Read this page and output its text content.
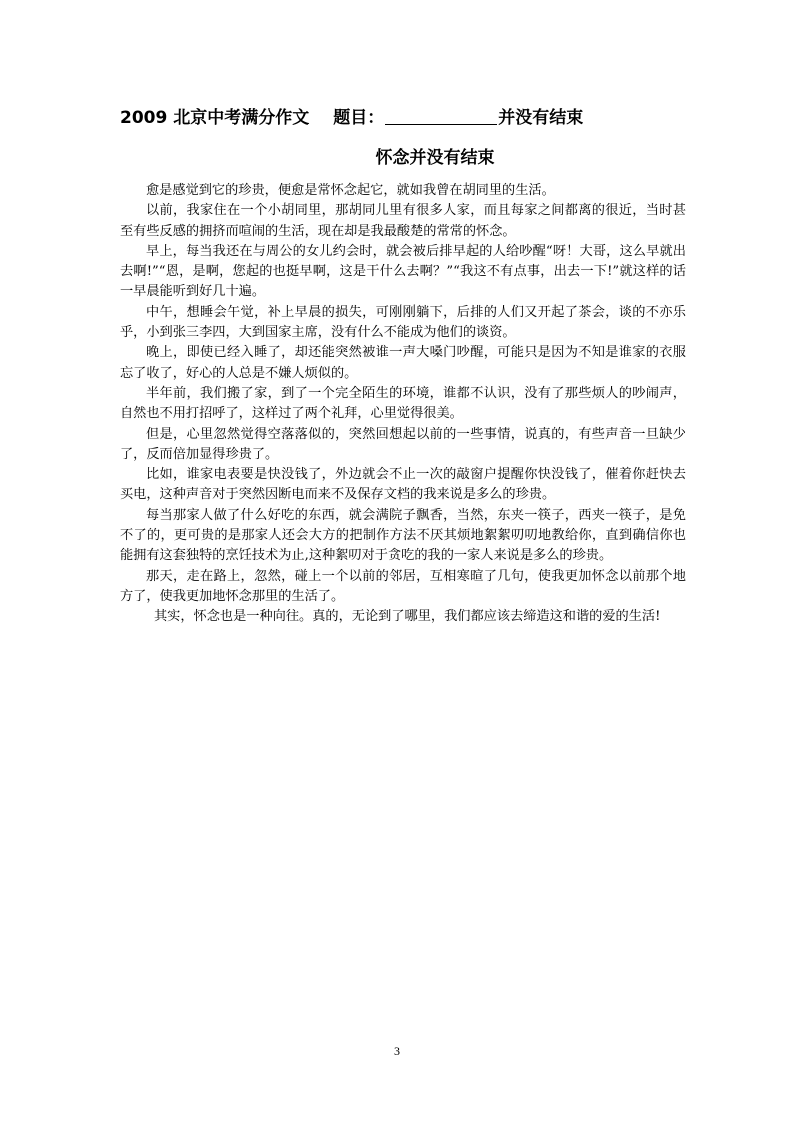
2009 北京中考满分作文 题目：	并没有结束
怀念并没有结束

愈是感觉到它的珍贵，便愈是常怀念起它，就如我曾在胡同里的生活。

以前，我家住在一个小胡同里，那胡同儿里有很多人家，而且每家之间都离的很近，当时甚至有些反感的拥挤而喧闹的生活，现在却是我最酸楚的常常的怀念。

早上，每当我还在与周公的女儿约会时，就会被后排早起的人给吵醒“呀！大哥，这么早就出去啊!”“恩，是啊，您起的也挺早啊，这是干什么去啊？”“我这不有点事，出去一下!”就这样的话一早晨能听到好几十遍。

中午，想睡会午觉，补上早晨的损失，可刚刚躺下，后排的人们又开起了茶会，谈的不亦乐乎，小到张三李四，大到国家主席，没有什么不能成为他们的谈资。

晚上，即使已经入睡了，却还能突然被谁一声大嗓门吵醒，可能只是因为不知是谁家的衣服忘了收了，好心的人总是不嫌人烦似的。

半年前，我们搬了家，到了一个完全陌生的环境，谁都不认识，没有了那些烦人的吵闹声，自然也不用打招呼了，这样过了两个礼拜，心里觉得很美。

但是，心里忽然觉得空落落似的，突然回想起以前的一些事情，说真的，有些声音一旦缺少了，反而倍加显得珍贵了。

比如，谁家电表要是快没钱了，外边就会不止一次的敲窗户提醒你快没钱了，催着你赶快去买电，这种声音对于突然因断电而来不及保存文档的我来说是多么的珍贵。

每当那家人做了什么好吃的东西，就会满院子飘香，当然，东夹一筷子，西夹一筷子，是免不了的，更可贵的是那家人还会大方的把制作方法不厌其烦地絮絮叨叨地教给你，直到确信你也能拥有这套独特的烹饪技术为止,这种絮叨对于贪吃的我的一家人来说是多么的珍贵。

那天，走在路上，忽然，碰上一个以前的邻居，互相寒暄了几句，使我更加怀念以前那个地方了，使我更加地怀念那里的生活了。

其实，怀念也是一种向往。真的，无论到了哪里，我们都应该去缔造这和谐的爱的生活!

3
